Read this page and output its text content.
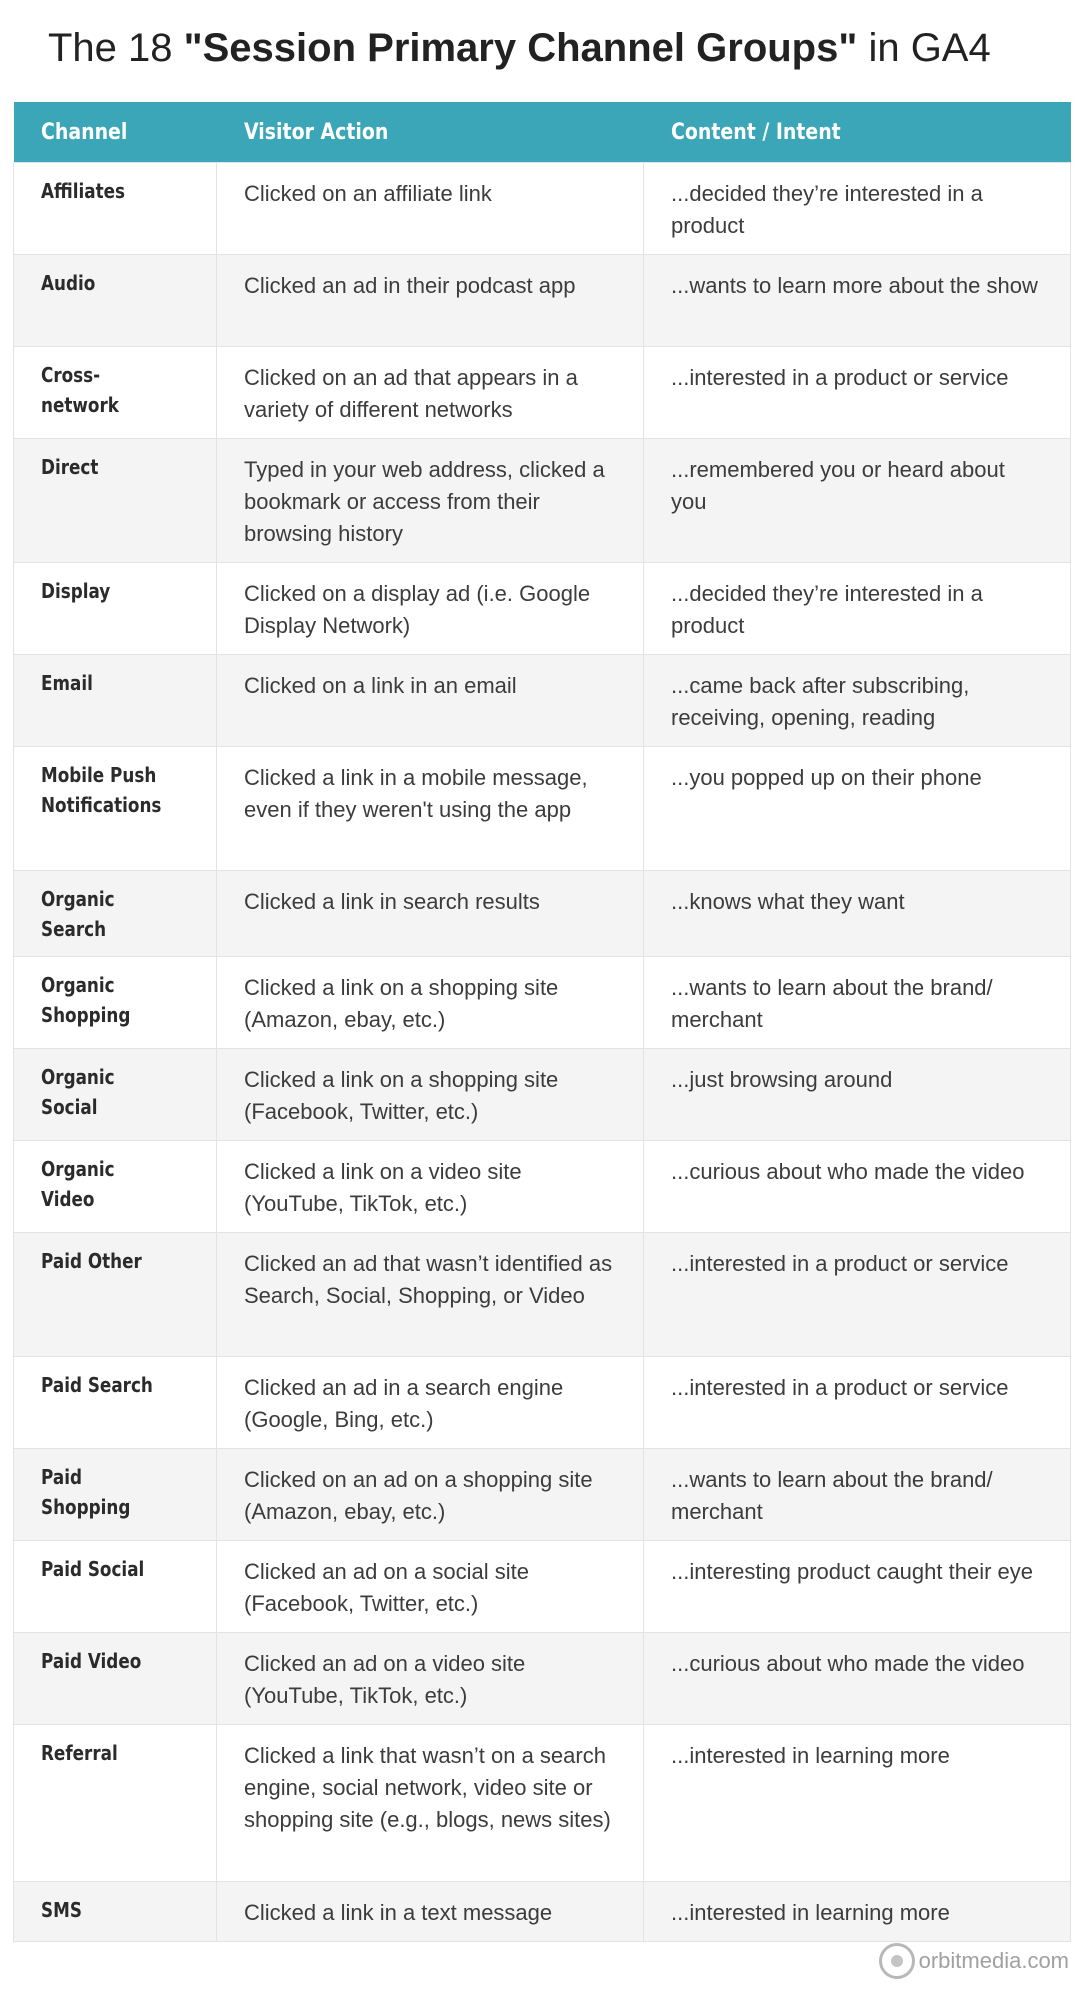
The 18 "Session Primary Channel Groups" in GA4
Channel	Visitor Action	Content / Intent
Affiliates	Clicked on an affiliate link	...decided they’re interested in a product
Audio	Clicked an ad in their podcast app	...wants to learn more about the show
Cross-network	Clicked on an ad that appears in a variety of different networks	...interested in a product or service
Direct	Typed in your web address, clicked a bookmark or access from their browsing history	...remembered you or heard about you
Display	Clicked on a display ad (i.e. Google Display Network)	...decided they’re interested in a product
Email	Clicked on a link in an email	...came back after subscribing, receiving, opening, reading
Mobile Push Notifications	Clicked a link in a mobile message, even if they weren't using the app	...you popped up on their phone
Organic Search	Clicked a link in search results	...knows what they want
Organic Shopping	Clicked a link on a shopping site (Amazon, ebay, etc.)	...wants to learn about the brand/ merchant
Organic Social	Clicked a link on a shopping site (Facebook, Twitter, etc.)	...just browsing around
Organic Video	Clicked a link on a video site (YouTube, TikTok, etc.)	...curious about who made the video
Paid Other	Clicked an ad that wasn’t identified as Search, Social, Shopping, or Video	...interested in a product or service
Paid Search	Clicked an ad in a search engine (Google, Bing, etc.)	...interested in a product or service
Paid Shopping	Clicked on an ad on a shopping site (Amazon, ebay, etc.)	...wants to learn about the brand/ merchant
Paid Social	Clicked an ad on a social site (Facebook, Twitter, etc.)	...interesting product caught their eye
Paid Video	Clicked an ad on a video site (YouTube, TikTok, etc.)	...curious about who made the video
Referral	Clicked a link that wasn’t on a search engine, social network, video site or shopping site (e.g., blogs, news sites)	...interested in learning more
SMS	Clicked a link in a text message	...interested in learning more
orbitmedia.com
